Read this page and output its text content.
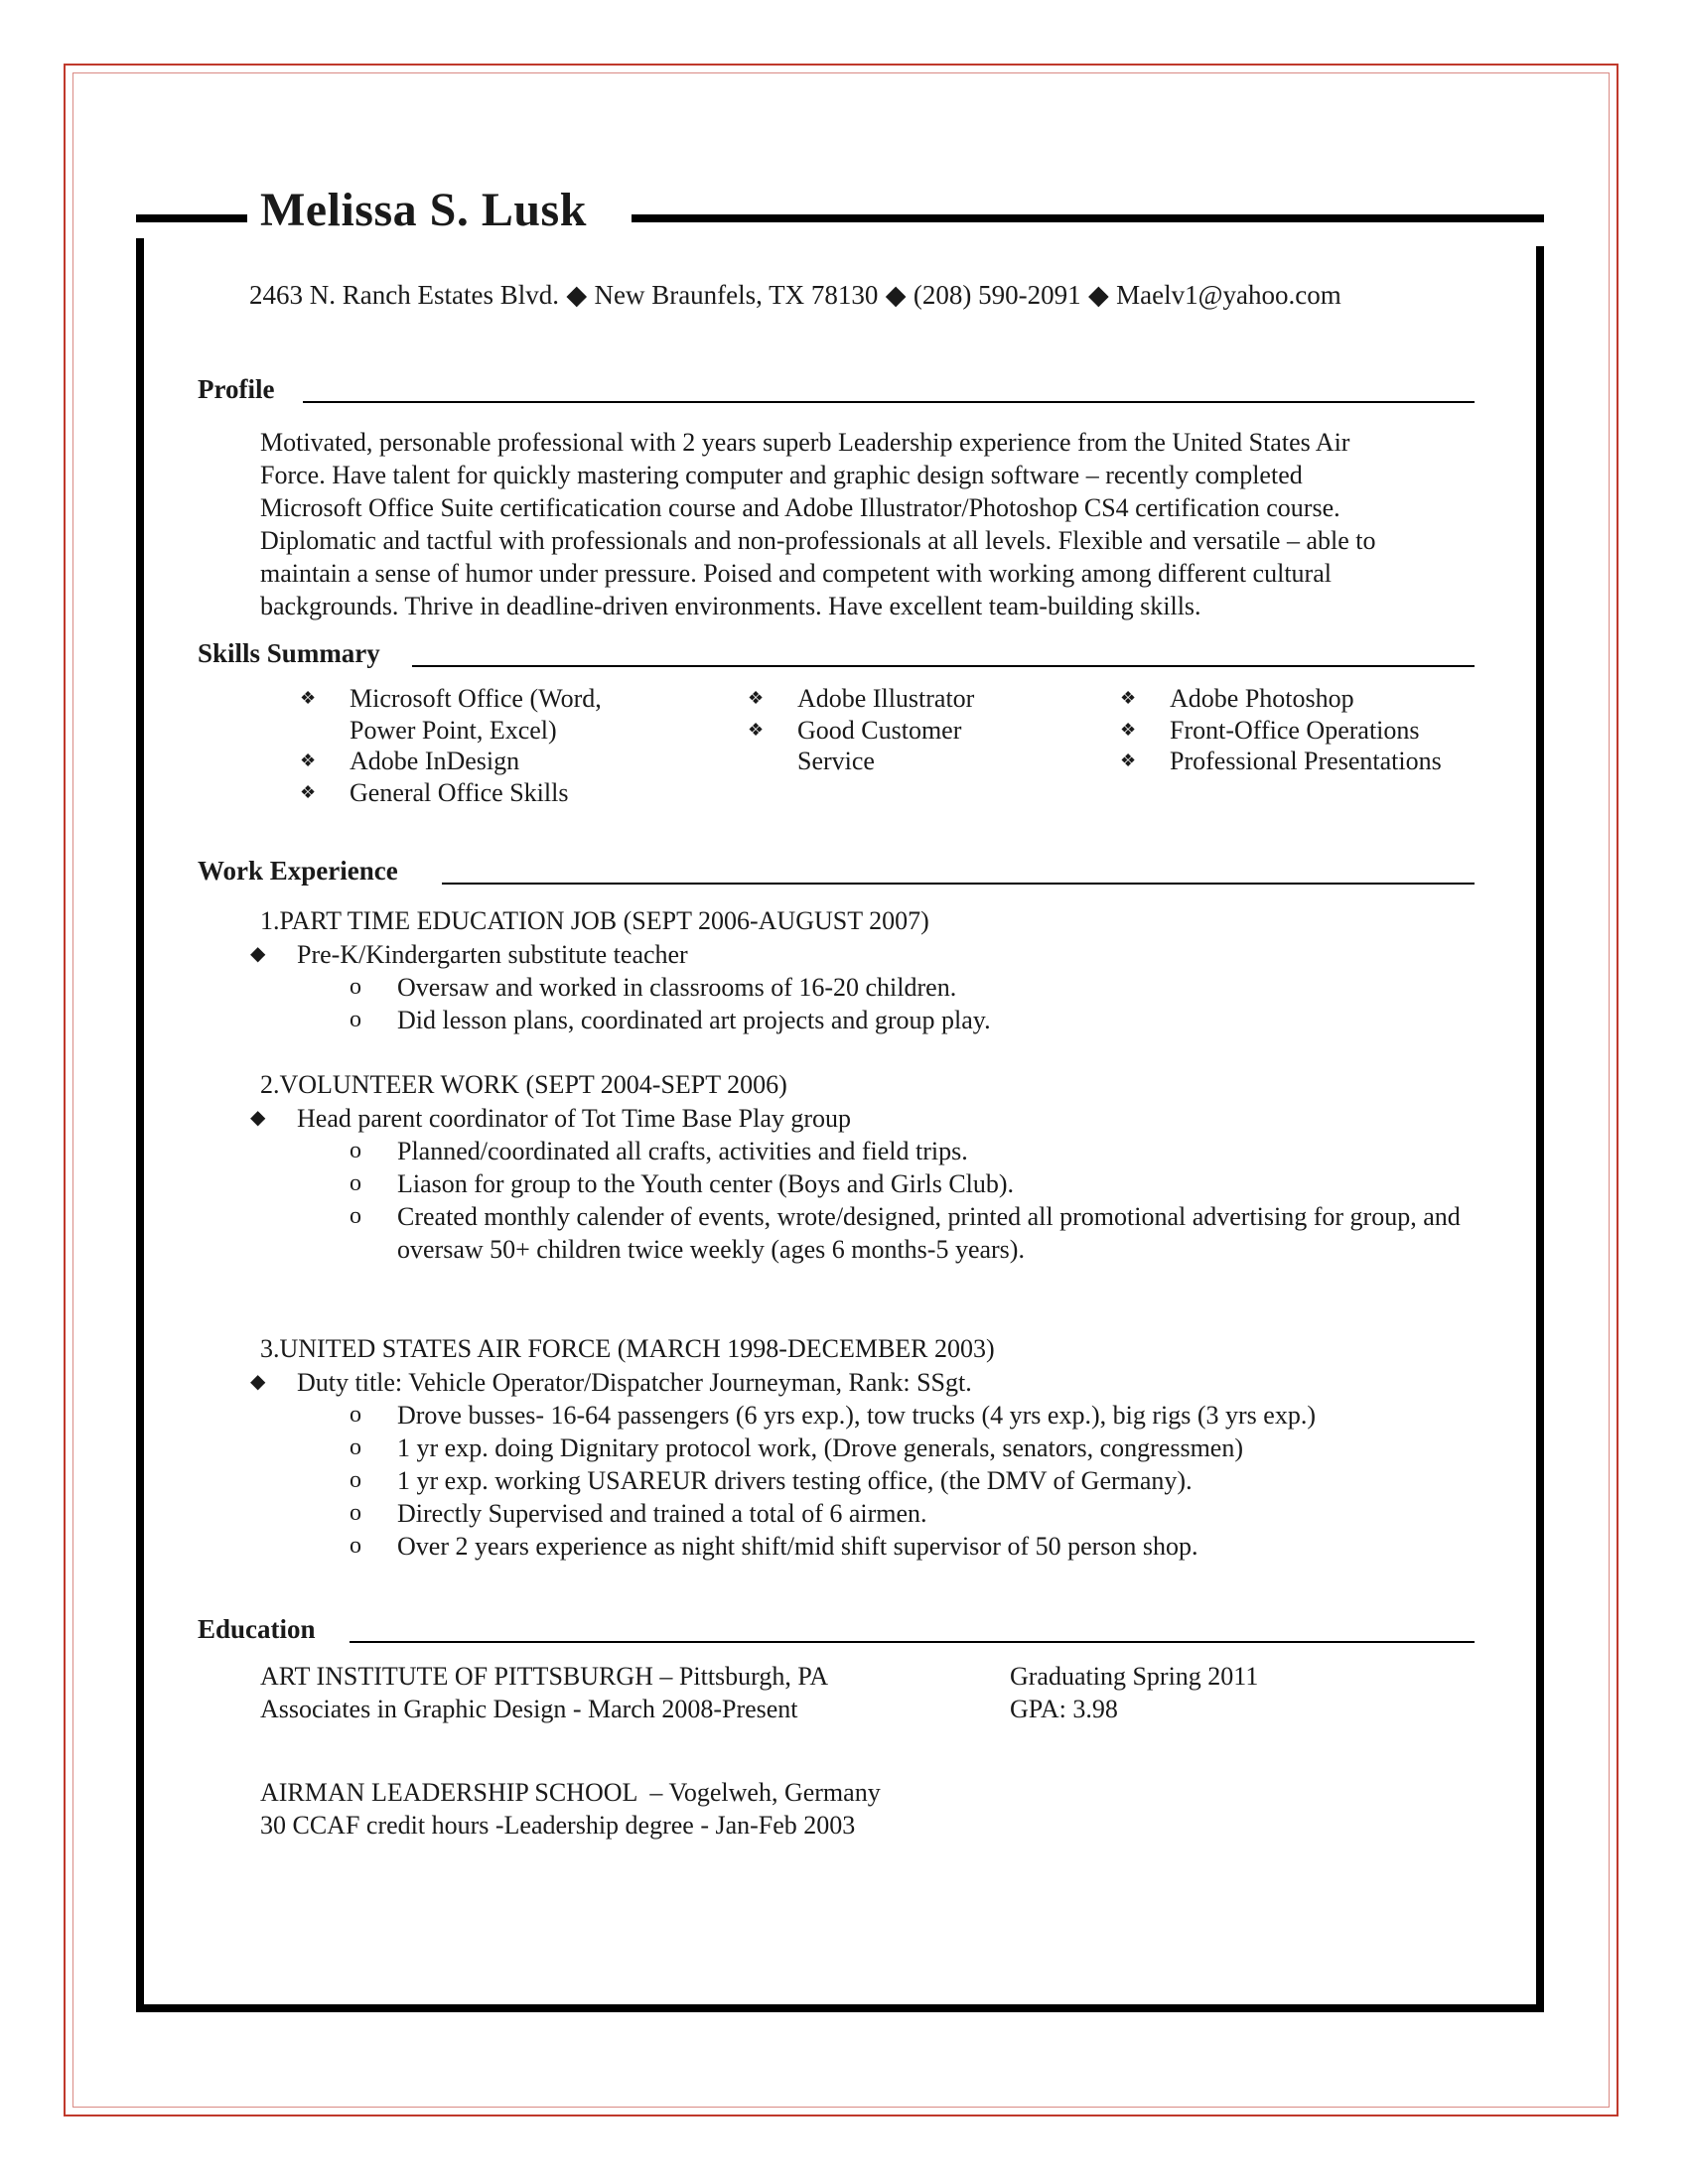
Melissa S. Lusk
2463 N. Ranch Estates Blvd. ◆ New Braunfels, TX 78130 ◆ (208) 590-2091 ◆ Maelv1@yahoo.com
Profile
Motivated, personable professional with 2 years superb Leadership experience from the United States Air
Force. Have talent for quickly mastering computer and graphic design software – recently completed
Microsoft Office Suite certificatication course and Adobe Illustrator/Photoshop CS4 certification course.
Diplomatic and tactful with professionals and non-professionals at all levels. Flexible and versatile – able to
maintain a sense of humor under pressure. Poised and competent with working among different cultural
backgrounds. Thrive in deadline-driven environments. Have excellent team-building skills.
Skills Summary
❖ Microsoft Office (Word,
Power Point, Excel)
❖ Adobe InDesign
❖ General Office Skills
❖ Adobe Illustrator
❖ Good Customer
Service
❖ Adobe Photoshop
❖ Front-Office Operations
❖ Professional Presentations
Work Experience
1.PART TIME EDUCATION JOB (SEPT 2006-AUGUST 2007)
◆ Pre-K/Kindergarten substitute teacher
o Oversaw and worked in classrooms of 16-20 children.
o Did lesson plans, coordinated art projects and group play.
2.VOLUNTEER WORK (SEPT 2004-SEPT 2006)
◆ Head parent coordinator of Tot Time Base Play group
o Planned/coordinated all crafts, activities and field trips.
o Liason for group to the Youth center (Boys and Girls Club).
o Created monthly calender of events, wrote/designed, printed all promotional advertising for group, and oversaw 50+ children twice weekly (ages 6 months-5 years).
3.UNITED STATES AIR FORCE (MARCH 1998-DECEMBER 2003)
◆ Duty title: Vehicle Operator/Dispatcher Journeyman, Rank: SSgt.
o Drove busses- 16-64 passengers (6 yrs exp.), tow trucks (4 yrs exp.), big rigs (3 yrs exp.)
o 1 yr exp. doing Dignitary protocol work, (Drove generals, senators, congressmen)
o 1 yr exp. working USAREUR drivers testing office, (the DMV of Germany).
o Directly Supervised and trained a total of 6 airmen.
o Over 2 years experience as night shift/mid shift supervisor of 50 person shop.
Education
ART INSTITUTE OF PITTSBURGH – Pittsburgh, PA
Associates in Graphic Design - March 2008-Present
Graduating Spring 2011
GPA: 3.98
AIRMAN LEADERSHIP SCHOOL  – Vogelweh, Germany
30 CCAF credit hours -Leadership degree - Jan-Feb 2003
